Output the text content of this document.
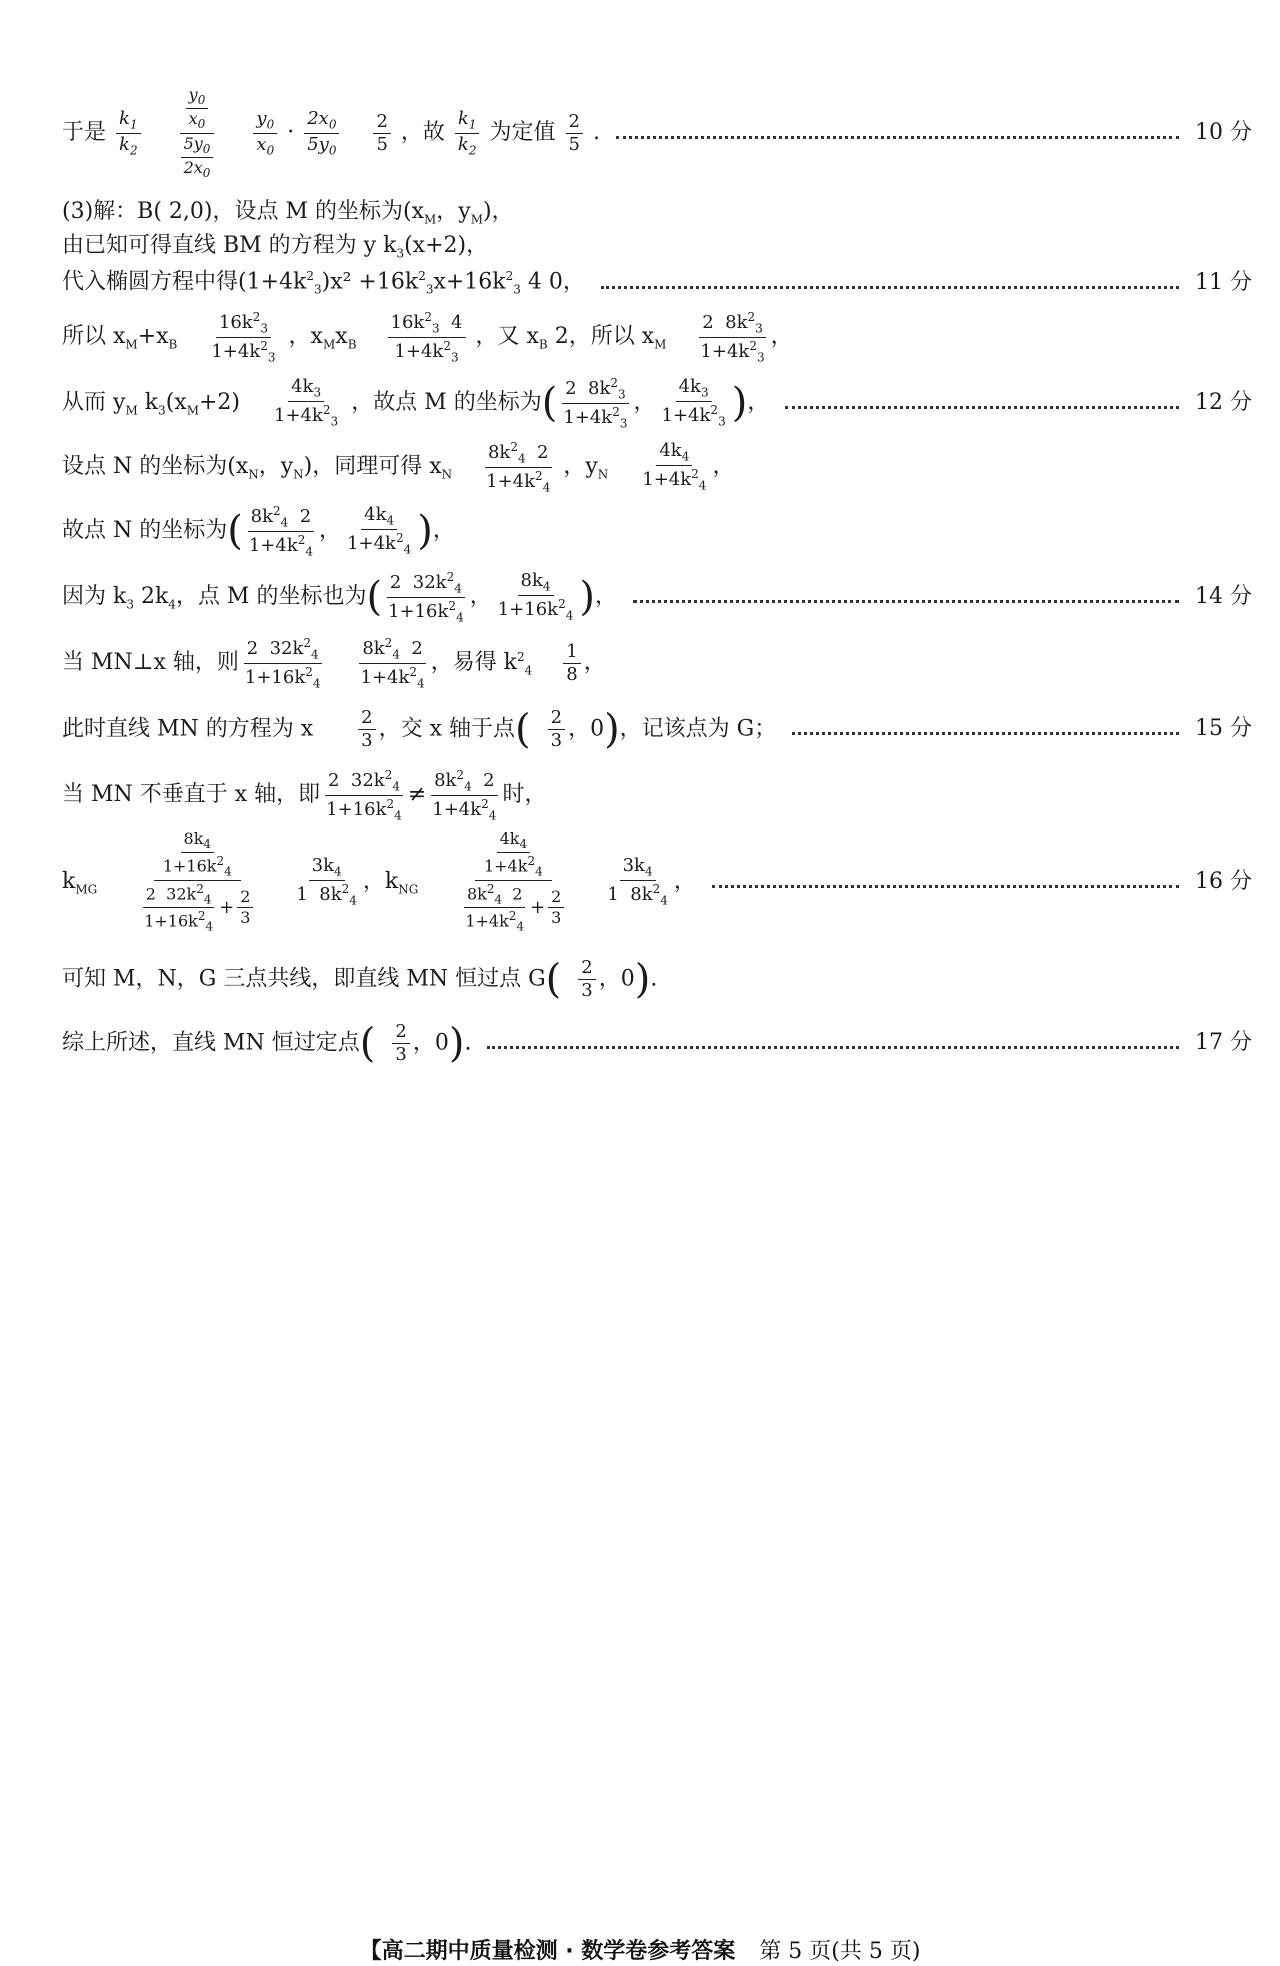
于是 $\frac{k_1}{k_2}$
$\frac{\frac{y_0}{x_0}}{\frac{5y_0}{2x_0}}$
$\frac{y_0}{x_0} \cdot \frac{2x_0}{5y_0}$
$\frac{2}{5}$ ，故 $\frac{k_1}{k_2}$ 为定值 $\frac{2}{5}$ .	10 分
(3)解：B( 2,0)，设点 M 的坐标为($x_M$，$y_M$)，
由已知可得直线 BM 的方程为 y $k_3(x+2)$，
代入椭圆方程中得$(1+4k^2_3)x^2 +16k^2_3x+16k^2_3$ 4 0，	11 分
所以 $x_M+x_B \frac{16k^2_3}{1+4k^2_3}$ ，$x_Mx_B \frac{16k^2_3 4}{1+4k^2_3}$ ，又 $x_B$ 2，所以 $x_M \frac{2 8k^2_3}{1+4k^2_3}$ ，
从而 $y_M$ $k_3(x_M+2) \frac{4k_3}{1+4k^2_3}$ ，故点 M 的坐标为( $\frac{2 8k^2_3}{1+4k^2_3}$ ， $\frac{4k_3}{1+4k^2_3}$ )，	12 分
设点 N 的坐标为($x_N$，$y_N$)，同理可得 $x_N \frac{8k^2_4 2}{1+4k^2_4}$ ，$y_N \frac{4k_4}{1+4k^2_4}$ ，
故点 N 的坐标为( $\frac{8k^2_4 2}{1+4k^2_4}$ ， $\frac{4k_4}{1+4k^2_4}$ )，
因为 $k_3$ $2k_4$，点 M 的坐标也为( $\frac{2 32k^2_4}{1+16k^2_4}$ ， $\frac{8k_4}{1+16k^2_4}$ )，	14 分
当 MN⊥x 轴，则 $\frac{2 32k^2_4}{1+16k^2_4}$
$\frac{8k^2_4 2}{1+4k^2_4}$ ，易得 $k^2_4 \frac{1}{8}$ ，
此时直线 MN 的方程为 x $\frac{2}{3}$ ，交 x 轴于点( $\frac{2}{3}$ ，0)，记该点为 G；	15 分
当 MN 不垂直于 x 轴，即 $\frac{2 32k^2_4}{1+16k^2_4} \ne \frac{8k^2_4 2}{1+4k^2_4}$ 时，
$k_{MG} \frac{\frac{8k_4}{1+16k^2_4}}{\frac{2 32k^2_4}{1+16k^2_4} + \frac{2}{3}}$
$\frac{3k_4}{1 8k^2_4}$ ，$k_{NG} \frac{\frac{4k_4}{1+4k^2_4}}{\frac{8k^2_4 2}{1+4k^2_4} + \frac{2}{3}}$
$\frac{3k_4}{1 8k^2_4}$ ，	16 分
可知 M，N，G 三点共线，即直线 MN 恒过点 $G( \frac{2}{3}$ ，0).
综上所述，直线 MN 恒过定点( $\frac{2}{3}$ ，0).	17 分
【高二期中质量检测 · 数学卷参考答案 第 5 页(共 5 页)
